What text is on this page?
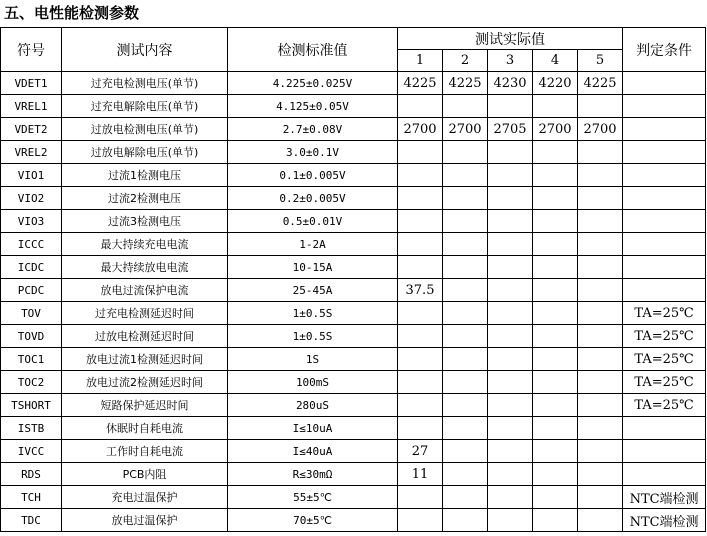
五、电性能检测参数
符号	测试内容	检测标准值	测试实际值					判定条件
			1	2	3	4	5	
VDET1	过充电检测电压(单节)	4.225±0.025V	4225	4225	4230	4220	4225	
VREL1	过充电解除电压(单节)	4.125±0.05V						
VDET2	过放电检测电压(单节)	2.7±0.08V	2700	2700	2705	2700	2700	
VREL2	过放电解除电压(单节)	3.0±0.1V						
VIO1	过流1检测电压	0.1±0.005V						
VIO2	过流2检测电压	0.2±0.005V						
VIO3	过流3检测电压	0.5±0.01V						
ICCC	最大持续充电电流	1-2A						
ICDC	最大持续放电电流	10-15A						
PCDC	放电过流保护电流	25-45A	37.5					
TOV	过充电检测延迟时间	1±0.5S						TA=25℃
TOVD	过放电检测延迟时间	1±0.5S						TA=25℃
TOC1	放电过流1检测延迟时间	1S						TA=25℃
TOC2	放电过流2检测延迟时间	100mS						TA=25℃
TSHORT	短路保护延迟时间	280uS						TA=25℃
ISTB	休眠时自耗电流	I≤10uA						
IVCC	工作时自耗电流	I≤40uA	27					
RDS	PCB内阻	R≤30mΩ	11					
TCH	充电过温保护	55±5℃						NTC端检测
TDC	放电过温保护	70±5℃						NTC端检测
